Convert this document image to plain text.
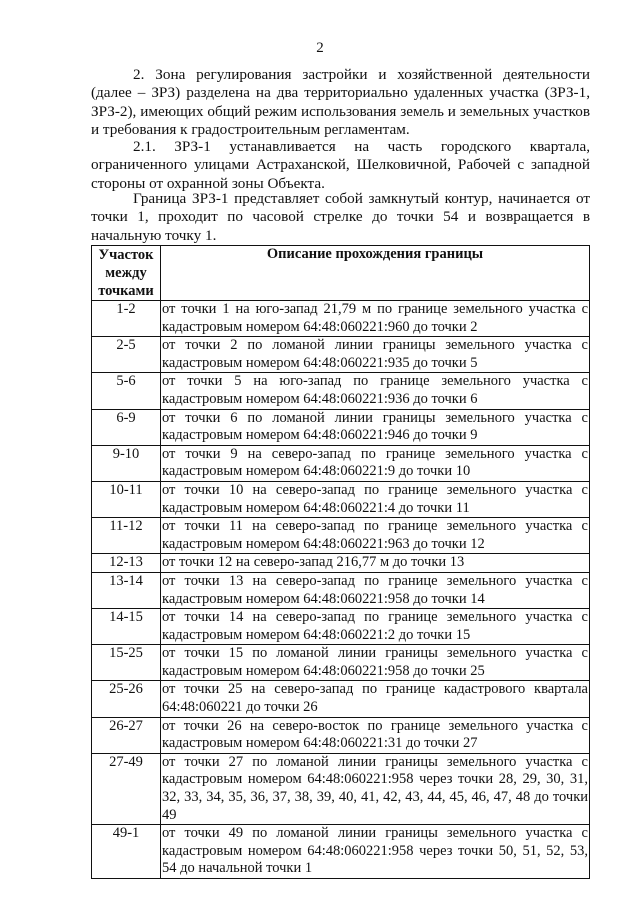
2
2. Зона регулирования застройки и хозяйственной деятельности (далее – ЗРЗ) разделена на два территориально удаленных участка (ЗРЗ-1, ЗРЗ-2), имеющих общий режим использования земель и земельных участков и требования к градостроительным регламентам.
2.1. ЗРЗ-1 устанавливается на часть городского квартала, ограниченного улицами Астраханской, Шелковичной, Рабочей с западной стороны от охранной зоны Объекта.
Граница ЗРЗ-1 представляет собой замкнутый контур, начинается от точки 1, проходит по часовой стрелке до точки 54 и возвращается в начальную точку 1.
Участок между точками	Описание прохождения границы
1-2	от точки 1 на юго-запад 21,79 м по границе земельного участка с кадастровым номером 64:48:060221:960 до точки 2
2-5	от точки 2 по ломаной линии границы земельного участка с кадастровым номером 64:48:060221:935 до точки 5
5-6	от точки 5 на юго-запад по границе земельного участка с кадастровым номером 64:48:060221:936 до точки 6
6-9	от точки 6 по ломаной линии границы земельного участка с кадастровым номером 64:48:060221:946 до точки 9
9-10	от точки 9 на северо-запад по границе земельного участка с кадастровым номером 64:48:060221:9 до точки 10
10-11	от точки 10 на северо-запад по границе земельного участка с кадастровым номером 64:48:060221:4 до точки 11
11-12	от точки 11 на северо-запад по границе земельного участка с кадастровым номером 64:48:060221:963 до точки 12
12-13	от точки 12 на северо-запад 216,77 м до точки 13
13-14	от точки 13 на северо-запад по границе земельного участка с кадастровым номером 64:48:060221:958 до точки 14
14-15	от точки 14 на северо-запад по границе земельного участка с кадастровым номером 64:48:060221:2 до точки 15
15-25	от точки 15 по ломаной линии границы земельного участка с кадастровым номером 64:48:060221:958 до точки 25
25-26	от точки 25 на северо-запад по границе кадастрового квартала 64:48:060221 до точки 26
26-27	от точки 26 на северо-восток по границе земельного участка с кадастровым номером 64:48:060221:31 до точки 27
27-49	от точки 27 по ломаной линии границы земельного участка с кадастровым номером 64:48:060221:958 через точки 28, 29, 30, 31, 32, 33, 34, 35, 36, 37, 38, 39, 40, 41, 42, 43, 44, 45, 46, 47, 48 до точки 49
49-1	от точки 49 по ломаной линии границы земельного участка с кадастровым номером 64:48:060221:958 через точки 50, 51, 52, 53, 54 до начальной точки 1
